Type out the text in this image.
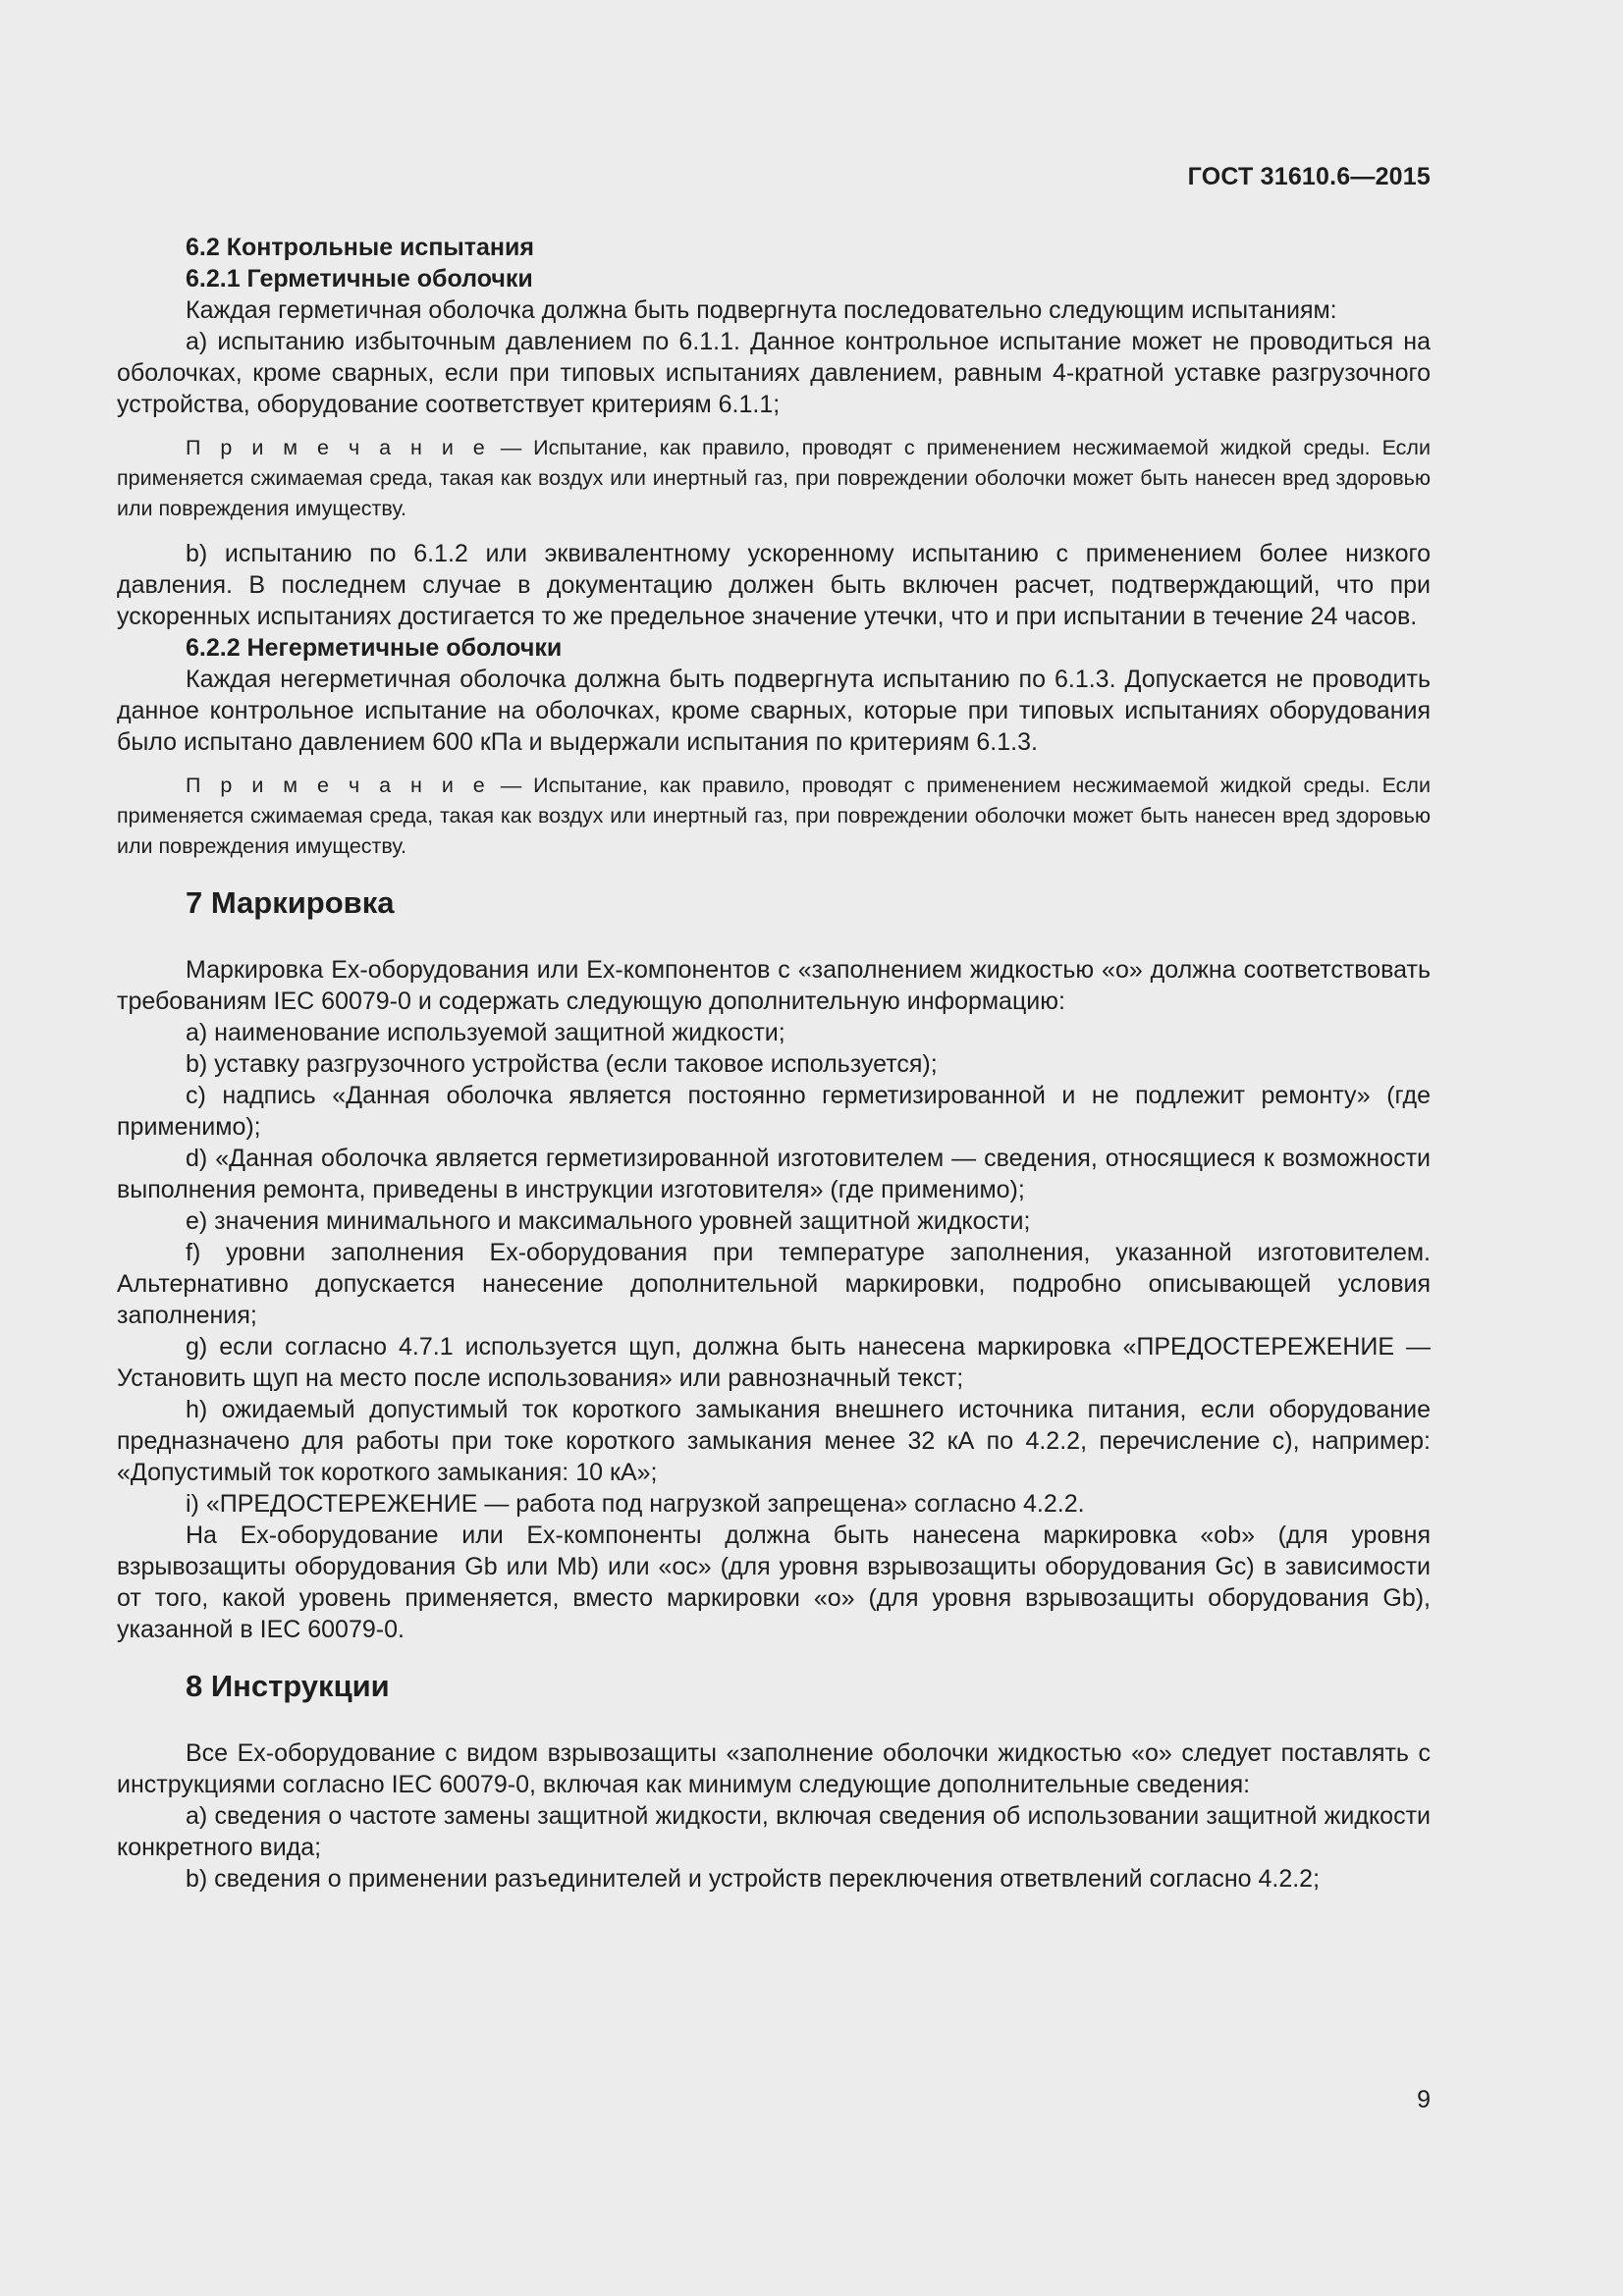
ГОСТ 31610.6—2015
6.2 Контрольные испытания
6.2.1 Герметичные оболочки

Каждая герметичная оболочка должна быть подвергнута последовательно следующим испытаниям:

a) испытанию избыточным давлением по 6.1.1. Данное контрольное испытание может не проводиться на оболочках, кроме сварных, если при типовых испытаниях давлением, равным 4-кратной уставке разгрузочного устройства, оборудование соответствует критериям 6.1.1;

П р и м е ч а н и е — Испытание, как правило, проводят с применением несжимаемой жидкой среды. Если применяется сжимаемая среда, такая как воздух или инертный газ, при повреждении оболочки может быть нанесен вред здоровью или повреждения имуществу.

b) испытанию по 6.1.2 или эквивалентному ускоренному испытанию с применением более низкого давления. В последнем случае в документацию должен быть включен расчет, подтверждающий, что при ускоренных испытаниях достигается то же предельное значение утечки, что и при испытании в течение 24 часов.

6.2.2 Негерметичные оболочки

Каждая негерметичная оболочка должна быть подвергнута испытанию по 6.1.3. Допускается не проводить данное контрольное испытание на оболочках, кроме сварных, которые при типовых испытаниях оборудования было испытано давлением 600 кПа и выдержали испытания по критериям 6.1.3.

П р и м е ч а н и е — Испытание, как правило, проводят с применением несжимаемой жидкой среды. Если применяется сжимаемая среда, такая как воздух или инертный газ, при повреждении оболочки может быть нанесен вред здоровью или повреждения имуществу.
7 Маркировка

Маркировка Ex-оборудования или Ex-компонентов с «заполнением жидкостью «о» должна соответствовать требованиям IEC 60079-0 и содержать следующую дополнительную информацию:

a) наименование используемой защитной жидкости;

b) уставку разгрузочного устройства (если таковое используется);

c) надпись «Данная оболочка является постоянно герметизированной и не подлежит ремонту» (где применимо);

d) «Данная оболочка является герметизированной изготовителем — сведения, относящиеся к возможности выполнения ремонта, приведены в инструкции изготовителя» (где применимо);

e) значения минимального и максимального уровней защитной жидкости;

f) уровни заполнения Ex-оборудования при температуре заполнения, указанной изготовителем. Альтернативно допускается нанесение дополнительной маркировки, подробно описывающей условия заполнения;

g) если согласно 4.7.1 используется щуп, должна быть нанесена маркировка «ПРЕДОСТЕРЕЖЕНИЕ — Установить щуп на место после использования» или равнозначный текст;

h) ожидаемый допустимый ток короткого замыкания внешнего источника питания, если оборудование предназначено для работы при токе короткого замыкания менее 32 кА по 4.2.2, перечисление с), например: «Допустимый ток короткого замыкания: 10 кА»;

i) «ПРЕДОСТЕРЕЖЕНИЕ — работа под нагрузкой запрещена» согласно 4.2.2.

На Ex-оборудование или Ex-компоненты должна быть нанесена маркировка «ob» (для уровня взрывозащиты оборудования Gb или Mb) или «oc» (для уровня взрывозащиты оборудования Gc) в зависимости от того, какой уровень применяется, вместо маркировки «o» (для уровня взрывозащиты оборудования Gb), указанной в IEC 60079-0.

8 Инструкции

Все Ex-оборудование с видом взрывозащиты «заполнение оболочки жидкостью «о» следует поставлять с инструкциями согласно IEC 60079-0, включая как минимум следующие дополнительные сведения:

a) сведения о частоте замены защитной жидкости, включая сведения об использовании защитной жидкости конкретного вида;

b) сведения о применении разъединителей и устройств переключения ответвлений согласно 4.2.2;

9
